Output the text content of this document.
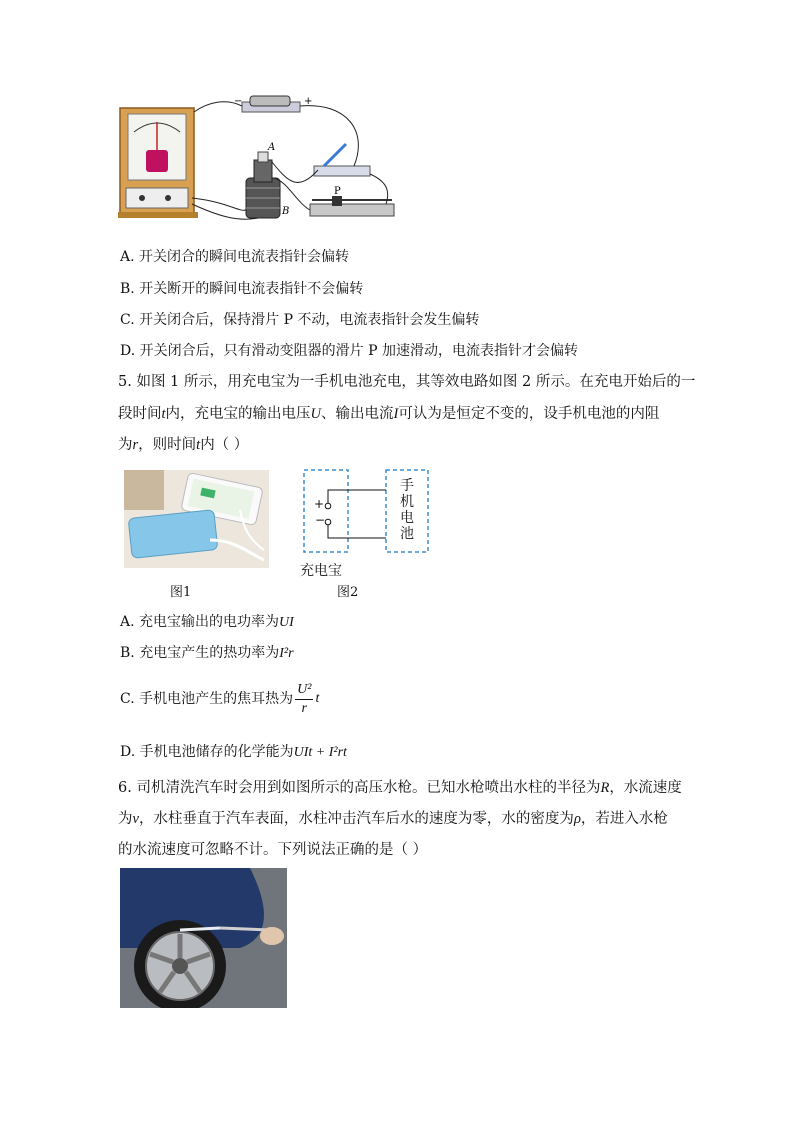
−	+
A
B
P
A. 开关闭合的瞬间电流表指针会偏转
B. 开关断开的瞬间电流表指针不会偏转
C. 开关闭合后，保持滑片 P 不动，电流表指针会发生偏转
D. 开关闭合后，只有滑动变阻器的滑片 P 加速滑动，电流表指针才会偏转
5. 如图 1 所示，用充电宝为一手机电池充电，其等效电路如图 2 所示。在充电开始后的一
段时间t内，充电宝的输出电压U、输出电流I可认为是恒定不变的，设手机电池的内阻
为r，则时间t内（ ）
图1
+
−
手
机
电
池
充电宝
图2
A. 充电宝输出的电功率为UI
B. 充电宝产生的热功率为I²r
C. 手机电池产生的焦耳热为 $\frac{\text{U²}}{r}$ t
D. 手机电池储存的化学能为UIt + I²rt
6. 司机清洗汽车时会用到如图所示的高压水枪。已知水枪喷出水柱的半径为R，水流速度
为v，水柱垂直于汽车表面，水柱冲击汽车后水的速度为零，水的密度为ρ，若进入水枪
的水流速度可忽略不计。下列说法正确的是（ ）
